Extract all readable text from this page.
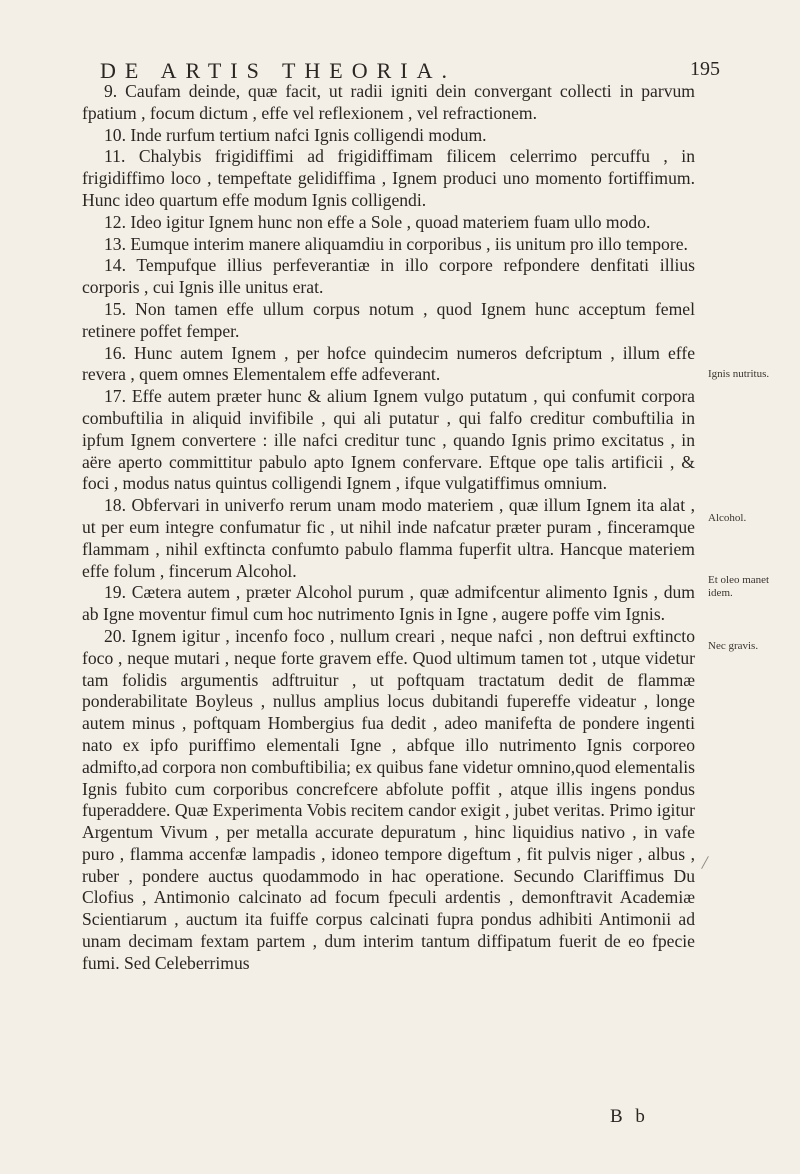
DE ARTIS THEORIA.	195

9. Caufam deinde, quæ facit, ut radii igniti dein convergant collecti in parvum fpatium , focum dictum , effe vel reflexionem , vel refractionem.

10. Inde rurfum tertium nafci Ignis colligendi modum.

11. Chalybis frigidiffimi ad frigidiffimam filicem celerrimo percuffu , in frigidiffimo loco , tempeftate gelidiffima , Ignem produci uno momento fortiffimum. Hunc ideo quartum effe modum Ignis colligendi.

12. Ideo igitur Ignem hunc non effe a Sole , quoad materiem fuam ullo modo.

13. Eumque interim manere aliquamdiu in corporibus , iis unitum pro illo tempore.

14. Tempufque illius perfeverantiæ in illo corpore refpondere denfitati illius corporis , cui Ignis ille unitus erat.

15. Non tamen effe ullum corpus notum , quod Ignem hunc acceptum femel retinere poffet femper.

16. Hunc autem Ignem , per hofce quindecim numeros defcriptum , illum effe revera , quem omnes Elementalem effe adfeverant.

17. Effe autem præter hunc & alium Ignem vulgo putatum , qui confumit corpora combuftilia in aliquid invifibile , qui ali putatur , qui falfo creditur combuftilia in ipfum Ignem convertere : ille nafci creditur tunc , quando Ignis primo excitatus , in aëre aperto committitur pabulo apto Ignem confervare. Eftque ope talis artificii , & foci , modus natus quintus colligendi Ignem , ifque vulgatiffimus omnium.

18. Obfervari in univerfo rerum unam modo materiem , quæ illum Ignem ita alat , ut per eum integre confumatur fic , ut nihil inde nafcatur præter puram , finceramque flammam , nihil exftincta confumto pabulo flamma fuperfit ultra. Hancque materiem effe folum , fincerum Alcohol.

19. Cætera autem , præter Alcohol purum , quæ admifcentur alimento Ignis , dum ab Igne moventur fimul cum hoc nutrimento Ignis in Igne , augere poffe vim Ignis.

20. Ignem igitur , incenfo foco , nullum creari , neque nafci , non deftrui exftincto foco , neque mutari , neque forte gravem effe. Quod ultimum tamen tot , utque videtur tam folidis argumentis adftruitur , ut poftquam tractatum dedit de flammæ ponderabilitate Boyleus , nullus amplius locus dubitandi fupereffe videatur , longe autem minus , poftquam Hombergius fua dedit , adeo manifefta de pondere ingenti nato ex ipfo puriffimo elementali Igne , abfque illo nutrimento Ignis corporeo admifto,ad corpora non combuftibilia; ex quibus fane videtur omnino,quod elementalis Ignis fubito cum corporibus concrefcere abfolute poffit , atque illis ingens pondus fuperaddere. Quæ Experimenta Vobis recitem candor exigit , jubet veritas. Primo igitur Argentum Vivum , per metalla accurate depuratum , hinc liquidius nativo , in vafe puro , flamma accenfæ lampadis , idoneo tempore digeftum , fit pulvis niger , albus , ruber , pondere auctus quodammodo in hac operatione. Secundo Clariffimus Du Clofius , Antimonio calcinato ad focum fpeculi ardentis , demonftravit Academiæ Scientiarum , auctum ita fuiffe corpus calcinati fupra pondus adhibiti Antimonii ad unam decimam fextam partem , dum interim tantum diffipatum fuerit de eo fpecie fumi. Sed Celeberrimus

Ignis nutritus.
Alcohol.
Et oleo manet idem.
Nec gravis.
/
B b
